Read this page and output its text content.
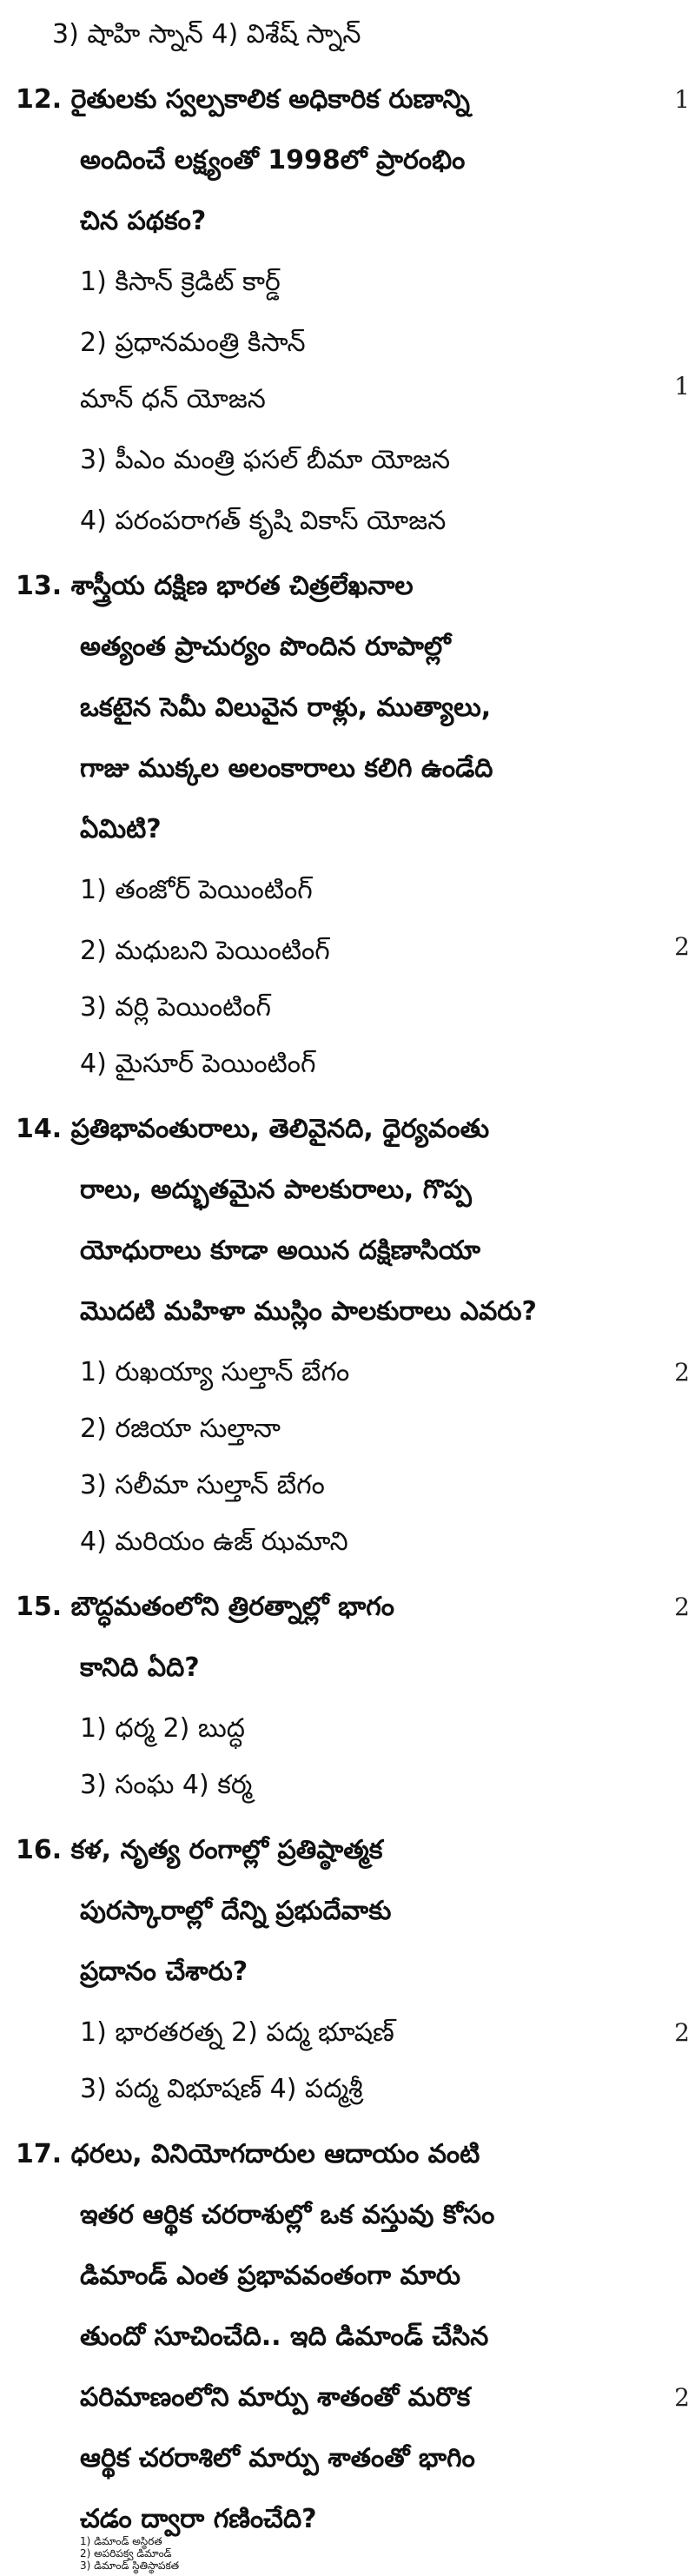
3) షాహి స్నాన్ 4) విశేష్ స్నాన్
12. రైతులకు స్వల్పకాలిక అధికారిక రుణాన్ని
అందించే లక్ష్యంతో 1998లో ప్రారంభిం
చిన పథకం?
1) కిసాన్ క్రెడిట్ కార్డ్
2) ప్రధానమంత్రి కిసాన్
మాన్ ధన్ యోజన
3) పీఎం మంత్రి ఫసల్ బీమా యోజన
4) పరంపరాగత్ కృషి వికాస్ యోజన
13. శాస్త్రీయ దక్షిణ భారత చిత్రలేఖనాల
అత్యంత ప్రాచుర్యం పొందిన రూపాల్లో
ఒకటైన సెమీ విలువైన రాళ్లు, ముత్యాలు,
గాజు ముక్కల అలంకారాలు కలిగి ఉండేది
ఏమిటి?
1) తంజోర్ పెయింటింగ్
2) మధుబని పెయింటింగ్
3) వర్లి పెయింటింగ్
4) మైసూర్ పెయింటింగ్
14. ప్రతిభావంతురాలు, తెలివైనది, ధైర్యవంతు
రాలు, అద్భుతమైన పాలకురాలు, గొప్ప
యోధురాలు కూడా అయిన దక్షిణాసియా
మొదటి మహిళా ముస్లిం పాలకురాలు ఎవరు?
1) రుఖయ్యా సుల్తాన్ బేగం
2) రజియా సుల్తానా
3) సలీమా సుల్తాన్ బేగం
4) మరియం ఉజ్ ఝమాని
15. బౌద్ధమతంలోని త్రిరత్నాల్లో భాగం
కానిది ఏది?
1) ధర్మ 2) బుద్ధ
3) సంఘ 4) కర్మ
16. కళ, నృత్య రంగాల్లో ప్రతిష్ఠాత్మక
పురస్కారాల్లో దేన్ని ప్రభుదేవాకు
ప్రదానం చేశారు?
1) భారతరత్న 2) పద్మ భూషణ్
3) పద్మ విభూషణ్ 4) పద్మశ్రీ
17. ధరలు, వినియోగదారుల ఆదాయం వంటి
ఇతర ఆర్థిక చరరాశుల్లో ఒక వస్తువు కోసం
డిమాండ్ ఎంత ప్రభావవంతంగా మారు
తుందో సూచించేది.. ఇది డిమాండ్ చేసిన
పరిమాణంలోని మార్పు శాతంతో మరొక
ఆర్థిక చరరాశిలో మార్పు శాతంతో భాగిం
చడం ద్వారా గణించేది?
1) డిమాండ్ అస్థిరత
2) అపరిపక్వ డిమాండ్
3) డిమాండ్ స్థితిస్థాపకత
1
1
2
2
2
2
2
